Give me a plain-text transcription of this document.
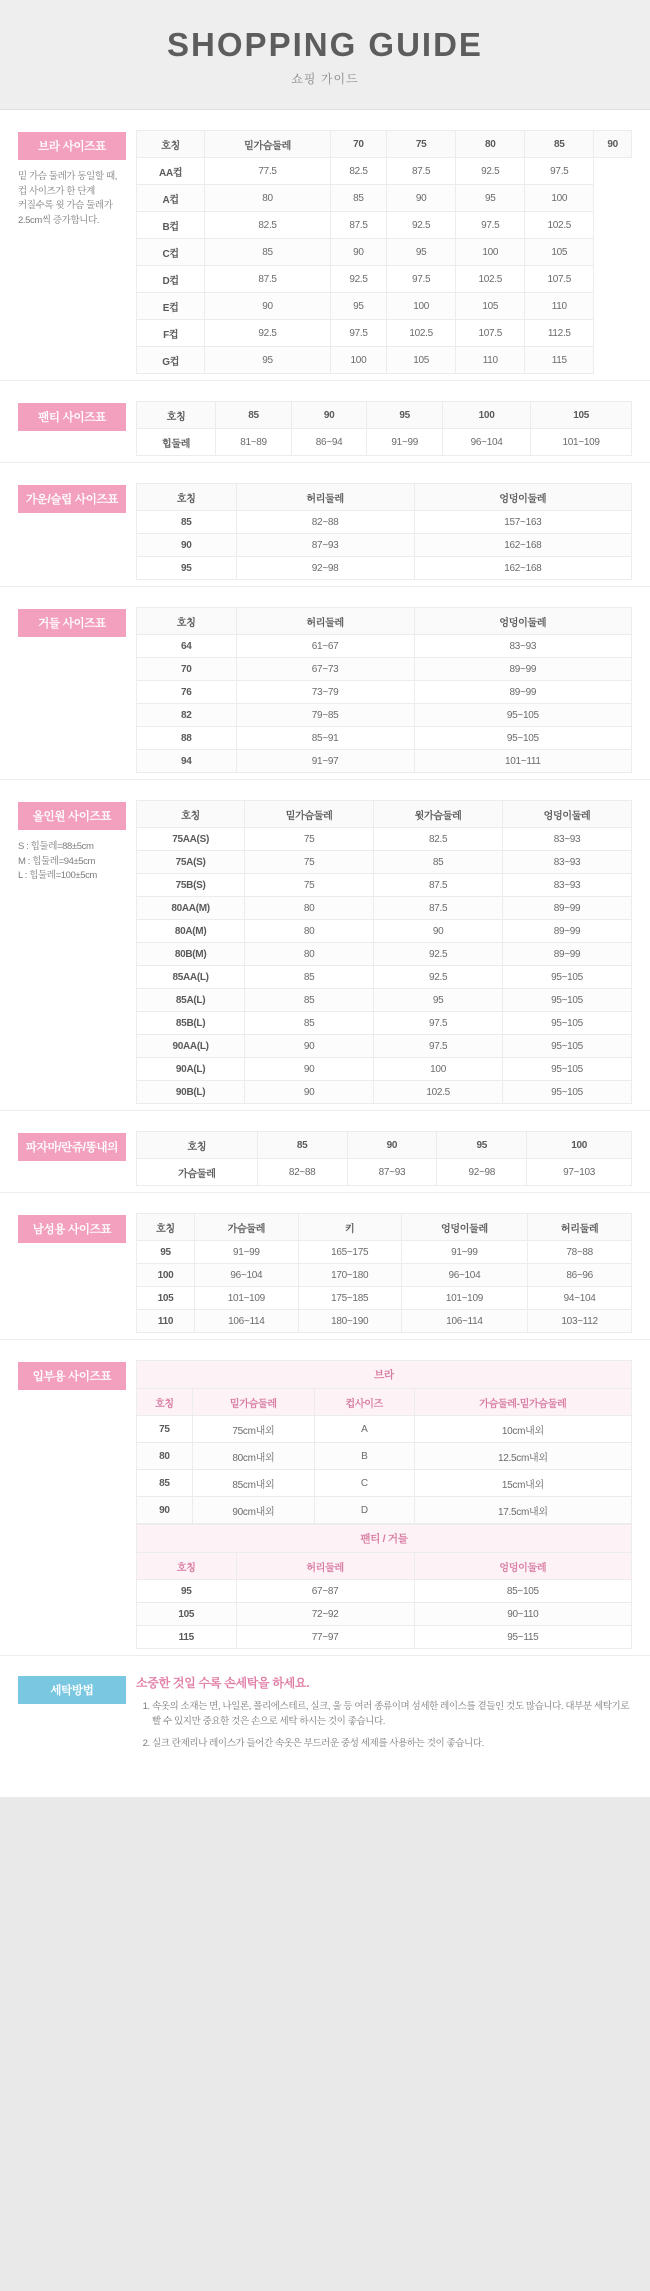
SHOPPING GUIDE
쇼핑 가이드
브라 사이즈표
밑 가슴 둘레가 동일할 때,
컵 사이즈가 한 단계
커질수록 윗 가슴 둘레가
2.5cm씩 증가합니다.
호칭	밑가슴둘레	70	75	80	85	90
AA컵	77.5	82.5	87.5	92.5	97.5	
A컵	80	85	90	95	100	
B컵	82.5	87.5	92.5	97.5	102.5	
C컵	85	90	95	100	105	
D컵	87.5	92.5	97.5	102.5	107.5	
E컵	90	95	100	105	110	
F컵	92.5	97.5	102.5	107.5	112.5	
G컵	95	100	105	110	115	
팬티 사이즈표	호칭	85	90	95	100	105
힙둘레	81~89	86~94	91~99	96~104	101~109
가운/슬립 사이즈표	호칭	허리둘레	엉덩이둘레
85	82~88	157~163
90	87~93	162~168
95	92~98	162~168
거들 사이즈표	호칭	허리둘레	엉덩이둘레
64	61~67	83~93
70	67~73	89~99
76	73~79	89~99
82	79~85	95~105
88	85~91	95~105
94	91~97	101~111
올인원 사이즈표
S : 힙둘레=88±5cm
M : 힙둘레=94±5cm
L : 힙둘레=100±5cm
호칭	밑가슴둘레	윗가슴둘레	엉덩이둘레
75AA(S)	75	82.5	83~93
75A(S)	75	85	83~93
75B(S)	75	87.5	83~93
80AA(M)	80	87.5	89~99
80A(M)	80	90	89~99
80B(M)	80	92.5	89~99
85AA(L)	85	92.5	95~105
85A(L)	85	95	95~105
85B(L)	85	97.5	95~105
90AA(L)	90	97.5	95~105
90A(L)	90	100	95~105
90B(L)	90	102.5	95~105
파자마/란쥬/똥내의	호칭	85	90	95	100
가슴둘레	82~88	87~93	92~98	97~103
남성용 사이즈표	호칭	가슴둘레	키	엉덩이둘레	허리둘레
95	91~99	165~175	91~99	78~88
100	96~104	170~180	96~104	86~96
105	101~109	175~185	101~109	94~104
110	106~114	180~190	106~114	103~112
입부용 사이즈표	브라			
호칭	밑가슴둘레	컵사이즈	가슴둘레-밑가슴둘레
75	75cm내외	A	10cm내외
80	80cm내외	B	12.5cm내외
85	85cm내외	C	15cm내외
90	90cm내외	D	17.5cm내외
팬티 / 거들		
호칭	허리둘레	엉덩이둘레
95	67~87	85~105
105	72~92	90~110
115	77~97	95~115
세탁방법
소중한 것일 수록 손세탁을 하세요.
1. 속옷의 소재는 면, 나일론, 폴리에스테르, 실크, 울 등 여러 종류이며 섬세한 레이스를 곁들인 것도 많습니다. 대부분 세탁기로 빨 수 있지만 중요한 것은 손으로 세탁 하시는 것이 좋습니다.
2. 실크 란제리나 레이스가 들어간 속옷은 부드러운 중성 세제를 사용하는 것이 좋습니다.
